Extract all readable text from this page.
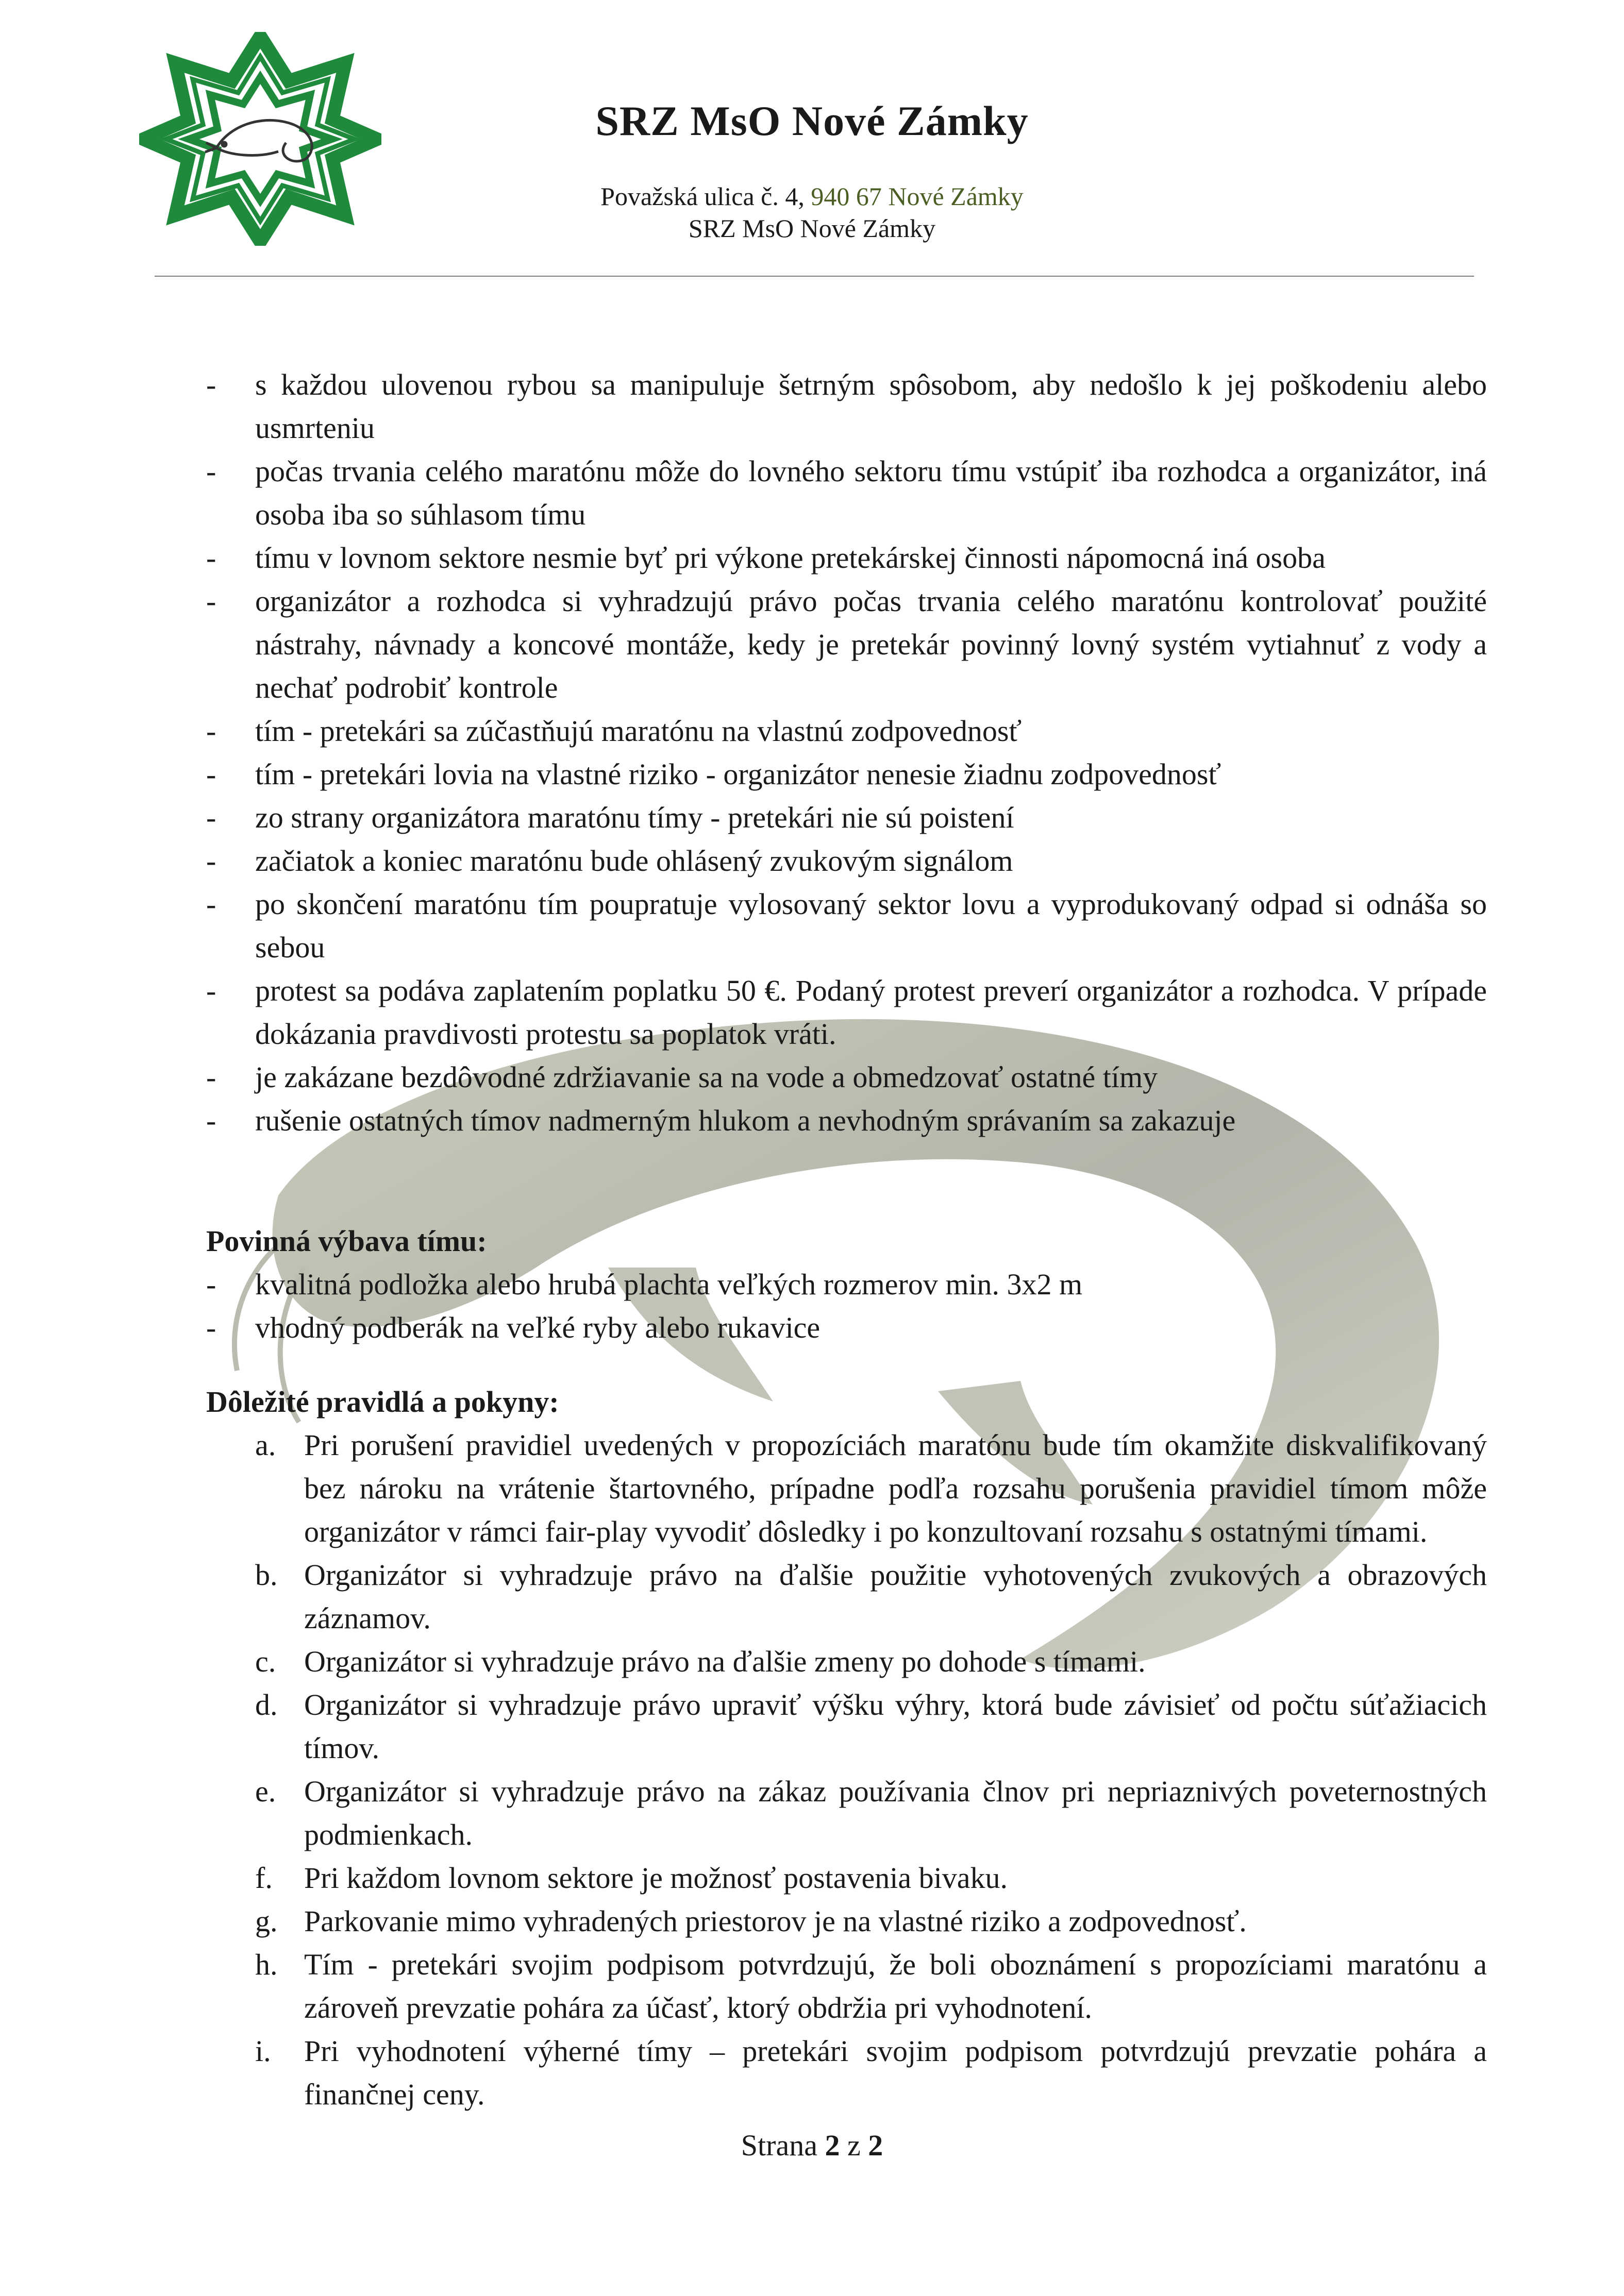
SRZ MsO Nové Zámky
Považská ulica č. 4, 940 67 Nové Zámky
SRZ MsO Nové Zámky
- s každou ulovenou rybou sa manipuluje šetrným spôsobom, aby nedošlo k jej poškodeniu alebo usmrteniu
- počas trvania celého maratónu môže do lovného sektoru tímu vstúpiť iba rozhodca a organizátor, iná osoba iba so súhlasom tímu
- tímu v lovnom sektore nesmie byť pri výkone pretekárskej činnosti nápomocná iná osoba
- organizátor a rozhodca si vyhradzujú právo počas trvania celého maratónu kontrolovať použité nástrahy, návnady a koncové montáže, kedy je pretekár povinný lovný systém vytiahnuť z vody a nechať podrobiť kontrole
- tím - pretekári sa zúčastňujú maratónu na vlastnú zodpovednosť
- tím - pretekári lovia na vlastné riziko - organizátor nenesie žiadnu zodpovednosť
- zo strany organizátora maratónu tímy - pretekári nie sú poistení
- začiatok a koniec maratónu bude ohlásený zvukovým signálom
- po skončení maratónu tím poupratuje vylosovaný sektor lovu a vyprodukovaný odpad si odnáša so sebou
- protest sa podáva zaplatením poplatku 50 €. Podaný protest preverí organizátor a rozhodca. V prípade dokázania pravdivosti protestu sa poplatok vráti.
- je zakázane bezdôvodné zdržiavanie sa na vode a obmedzovať ostatné tímy
- rušenie ostatných tímov nadmerným hlukom a nevhodným správaním sa zakazuje
Povinná výbava tímu:
- kvalitná podložka alebo hrubá plachta veľkých rozmerov min. 3x2 m
- vhodný podberák na veľké ryby alebo rukavice
Dôležité pravidlá a pokyny:
a. Pri porušení pravidiel uvedených v propozíciách maratónu bude tím okamžite diskvalifikovaný bez nároku na vrátenie štartovného, prípadne podľa rozsahu porušenia pravidiel tímom môže organizátor v rámci fair-play vyvodiť dôsledky i po konzultovaní rozsahu s ostatnými tímami.
b. Organizátor si vyhradzuje právo na ďalšie použitie vyhotovených zvukových a obrazových záznamov.
c. Organizátor si vyhradzuje právo na ďalšie zmeny po dohode s tímami.
d. Organizátor si vyhradzuje právo upraviť výšku výhry, ktorá bude závisieť od počtu súťažiacich tímov.
e. Organizátor si vyhradzuje právo na zákaz používania člnov pri nepriaznivých poveternostných podmienkach.
f. Pri každom lovnom sektore je možnosť postavenia bivaku.
g. Parkovanie mimo vyhradených priestorov je na vlastné riziko a zodpovednosť.
h. Tím - pretekári svojim podpisom potvrdzujú, že boli oboznámení s propozíciami maratónu a zároveň prevzatie pohára za účasť, ktorý obdržia pri vyhodnotení.
i. Pri vyhodnotení výherné tímy – pretekári svojim podpisom potvrdzujú prevzatie pohára a finančnej ceny.
Strana 2 z 2
